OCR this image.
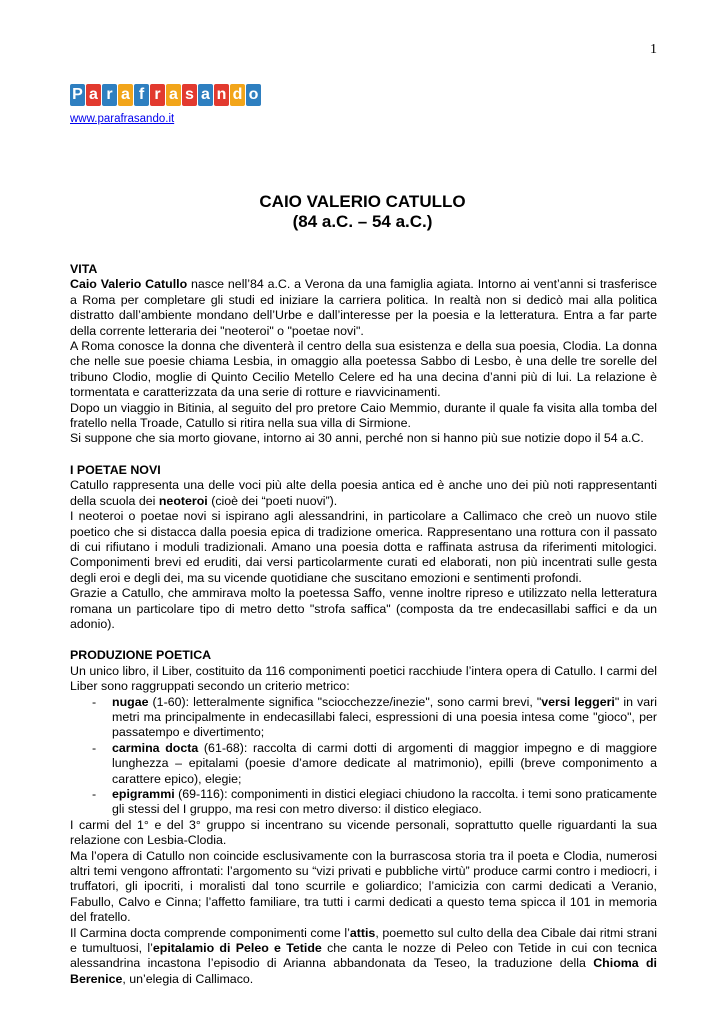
1
P a r a f r a s a n d o
www.parafrasando.it
CAIO VALERIO CATULLO
(84 a.C. – 54 a.C.)
VITA

Caio Valerio Catullo nasce nell’84 a.C. a Verona da una famiglia agiata. Intorno ai vent’anni si trasferisce a Roma per completare gli studi ed iniziare la carriera politica. In realtà non si dedicò mai alla politica distratto dall’ambiente mondano dell’Urbe e dall’interesse per la poesia e la letteratura. Entra a far parte della corrente letteraria dei "neoteroi" o "poetae novi".

A Roma conosce la donna che diventerà il centro della sua esistenza e della sua poesia, Clodia. La donna che nelle sue poesie chiama Lesbia, in omaggio alla poetessa Sabbo di Lesbo, è una delle tre sorelle del tribuno Clodio, moglie di Quinto Cecilio Metello Celere ed ha una decina d’anni più di lui. La relazione è tormentata e caratterizzata da una serie di rotture e riavvicinamenti.

Dopo un viaggio in Bitinia, al seguito del pro pretore Caio Memmio, durante il quale fa visita alla tomba del fratello nella Troade, Catullo si ritira nella sua villa di Sirmione.

Si suppone che sia morto giovane, intorno ai 30 anni, perché non si hanno più sue notizie dopo il 54 a.C.

I POETAE NOVI

Catullo rappresenta una delle voci più alte della poesia antica ed è anche uno dei più noti rappresentanti della scuola dei neoteroi (cioè dei “poeti nuovi”).

I neoteroi o poetae novi si ispirano agli alessandrini, in particolare a Callimaco che creò un nuovo stile poetico che si distacca dalla poesia epica di tradizione omerica. Rappresentano una rottura con il passato di cui rifiutano i moduli tradizionali. Amano una poesia dotta e raffinata astrusa da riferimenti mitologici. Componimenti brevi ed eruditi, dai versi particolarmente curati ed elaborati, non più incentrati sulle gesta degli eroi e degli dei, ma su vicende quotidiane che suscitano emozioni e sentimenti profondi.

Grazie a Catullo, che ammirava molto la poetessa Saffo, venne inoltre ripreso e utilizzato nella letteratura romana un particolare tipo di metro detto "strofa saffica" (composta da tre endecasillabi saffici e da un adonio).

PRODUZIONE POETICA

Un unico libro, il Liber, costituito da 116 componimenti poetici racchiude l’intera opera di Catullo. I carmi del Liber sono raggruppati secondo un criterio metrico:

- nugae (1-60): letteralmente significa "sciocchezze/inezie", sono carmi brevi, "versi leggeri" in vari metri ma principalmente in endecasillabi faleci, espressioni di una poesia intesa come "gioco", per passatempo e divertimento;
- carmina docta (61-68): raccolta di carmi dotti di argomenti di maggior impegno e di maggiore lunghezza – epitalami (poesie d’amore dedicate al matrimonio), epilli (breve componimento a carattere epico), elegie;
- epigrammi (69-116): componimenti in distici elegiaci chiudono la raccolta. i temi sono praticamente gli stessi del I gruppo, ma resi con metro diverso: il distico elegiaco.

I carmi del 1° e del 3° gruppo si incentrano su vicende personali, soprattutto quelle riguardanti la sua relazione con Lesbia-Clodia.

Ma l’opera di Catullo non coincide esclusivamente con la burrascosa storia tra il poeta e Clodia, numerosi altri temi vengono affrontati: l’argomento su “vizi privati e pubbliche virtù” produce carmi contro i mediocri, i truffatori, gli ipocriti, i moralisti dal tono scurrile e goliardico; l’amicizia con carmi dedicati a Veranio, Fabullo, Calvo e Cinna; l’affetto familiare, tra tutti i carmi dedicati a questo tema spicca il 101 in memoria del fratello.

Il Carmina docta comprende componimenti come l’attis, poemetto sul culto della dea Cibale dai ritmi strani e tumultuosi, l’epitalamio di Peleo e Tetide che canta le nozze di Peleo con Tetide in cui con tecnica alessandrina incastona l’episodio di Arianna abbandonata da Teseo, la traduzione della Chioma di Berenice, un’elegia di Callimaco.
